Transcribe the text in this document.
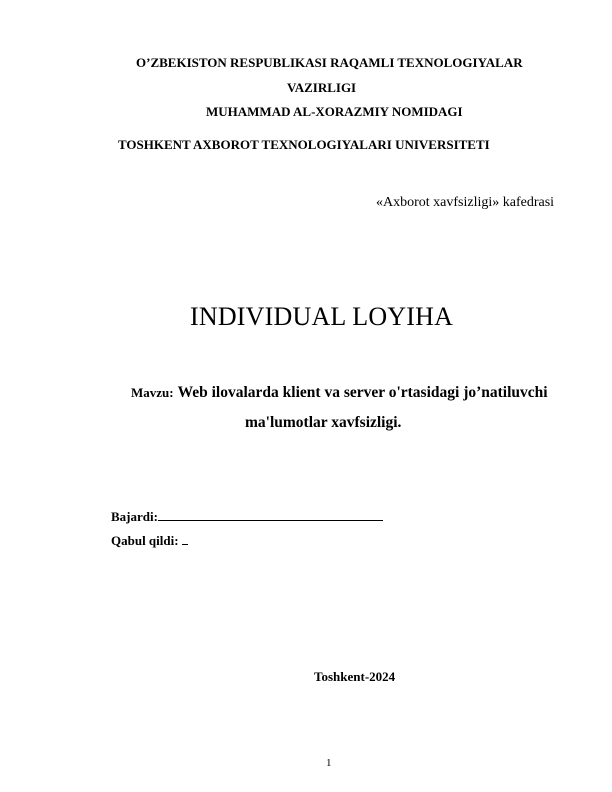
O’ZBEKISTON RESPUBLIKASI RAQAMLI TEXNOLOGIYALAR
VAZIRLIGI
MUHAMMAD AL-XORAZMIY NOMIDAGI
TOSHKENT AXBOROT TEXNOLOGIYALARI UNIVERSITETI
«Axborot xavfsizligi» kafedrasi
INDIVIDUAL LOYIHA
Mavzu: Web ilovalarda klient va server o'rtasidagi jo’natiluvchi
ma'lumotlar xavfsizligi.
Bajardi:
Qabul qildi:
Toshkent-2024
1
